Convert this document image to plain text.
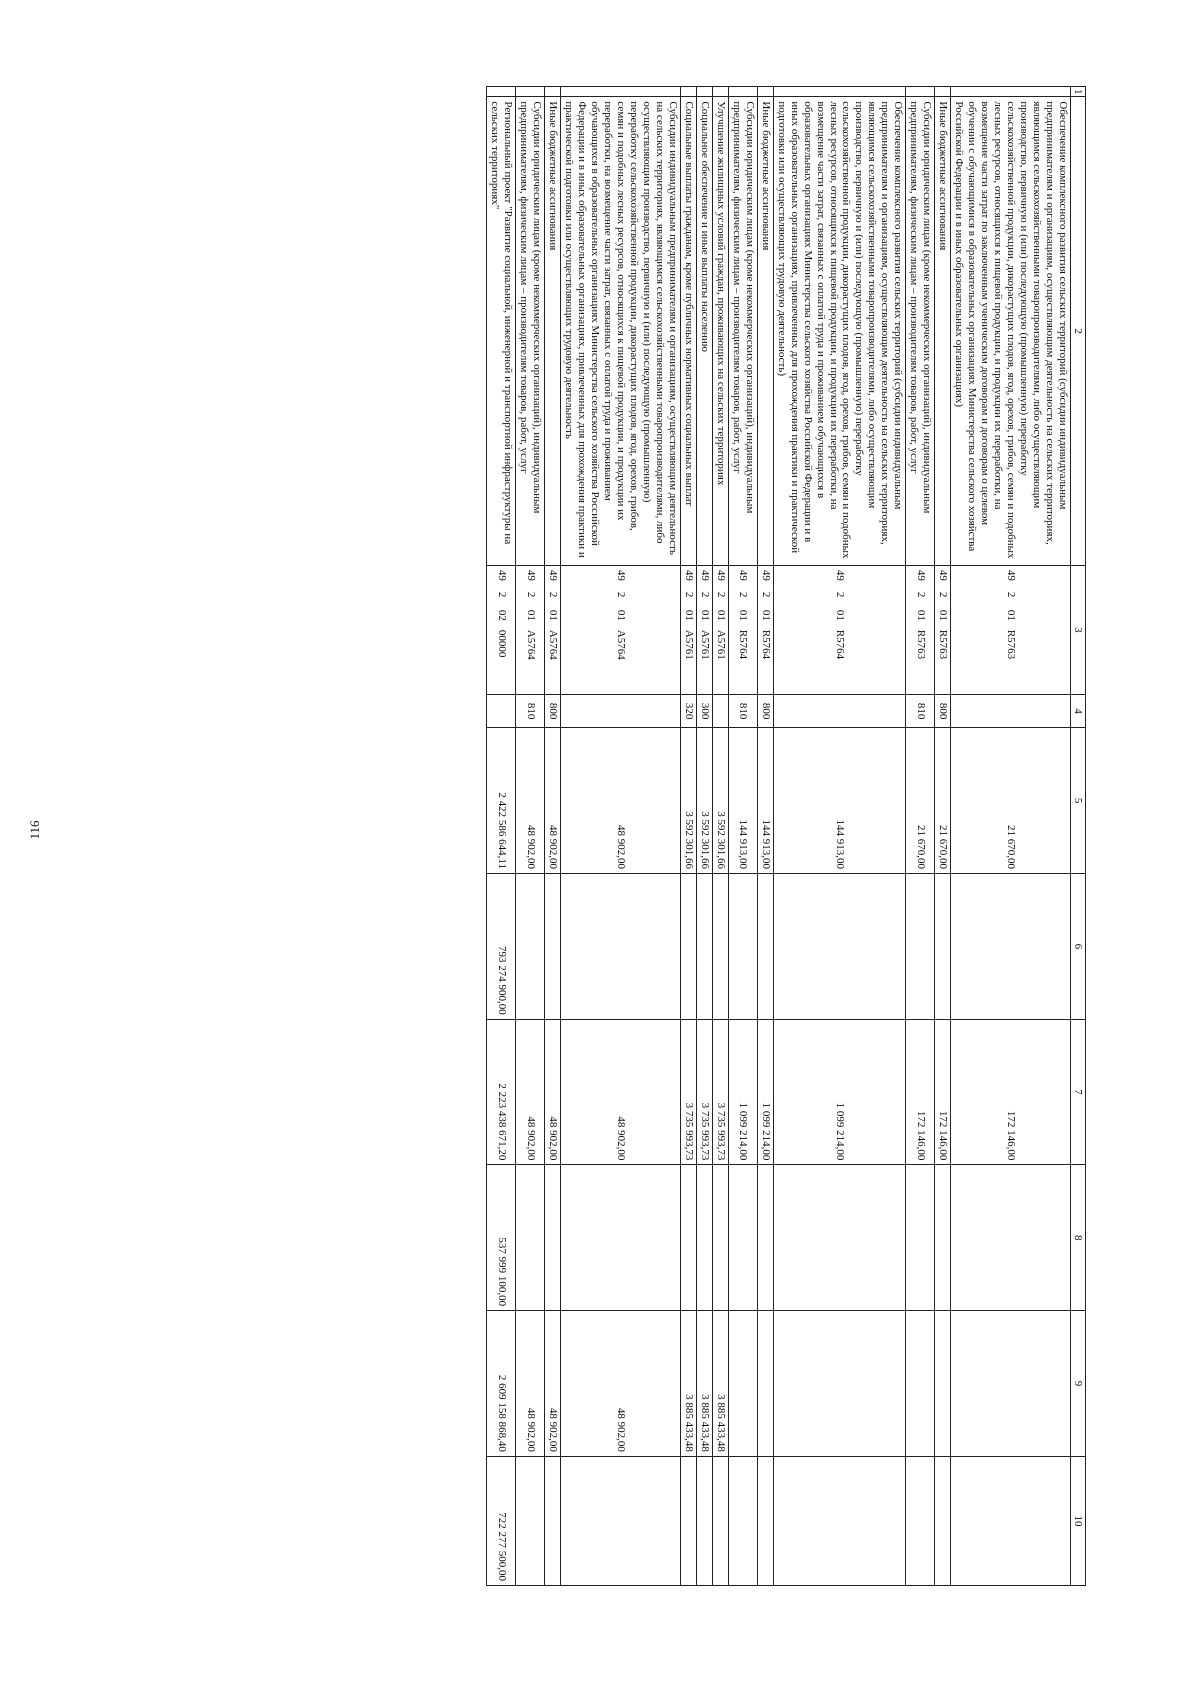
116
1	2	3	4	5	6	7	8	9	10
	Обеспечение комплексного развития сельских территорий (субсидии индивидуальным предпринимателям и организациям, осуществляющим деятельность на сельских территориях, являющимся сельскохозяйственными товаропроизводителями, либо осуществляющим производство, первичную и (или) последующую (промышленную) переработку сельскохозяйственной продукции, дикорастущих плодов, ягод, орехов, грибов, семян и подобных лесных ресурсов, относящихся к пищевой продукции, и продукции их переработки, на возмещение части затрат по заключенным ученическим договорам и договорам о целевом обучении с обучающимися в образовательных организациях Министерства сельского хозяйства Российской Федерации и в иных образовательных организациях)	49201R5763		21 670,00		172 146,00			
	Иные бюджетные ассигнования	49201R5763	800	21 670,00		172 146,00			
	Субсидии юридическим лицам (кроме некоммерческих организаций), индивидуальным предпринимателям, физическим лицам – производителям товаров, работ, услуг	49201R5763	810	21 670,00		172 146,00			
	Обеспечение комплексного развития сельских территорий (субсидии индивидуальным предпринимателям и организациям, осуществляющим деятельность на сельских территориях, являющимся сельскохозяйственными товаропроизводителями, либо осуществляющим производство, первичную и (или) последующую (промышленную) переработку сельскохозяйственной продукции, дикорастущих плодов, ягод, орехов, грибов, семян и подобных лесных ресурсов, относящихся к пищевой продукции, и продукции их переработки, на возмещение части затрат, связанных с оплатой труда и проживанием обучающихся в образовательных организациях Министерства сельского хозяйства Российской Федерации и в иных образовательных организациях, привлеченных для прохождения практики и практической подготовки или осуществляющих трудовую деятельность)	49201R5764		144 913,00		1 099 214,00			
	Иные бюджетные ассигнования	49201R5764	800	144 913,00		1 099 214,00			
	Субсидии юридическим лицам (кроме некоммерческих организаций), индивидуальным предпринимателям, физическим лицам – производителям товаров, работ, услуг	49201R5764	810	144 913,00		1 099 214,00			
	Улучшение жилищных условий граждан, проживающих на сельских территориях	49201А5761		3 592 301,66		3 735 993,73		3 885 433,48	
	Социальное обеспечение и иные выплаты населению	49201А5761	300	3 592 301,66		3 735 993,73		3 885 433,48	
	Социальные выплаты гражданам, кроме публичных нормативных социальных выплат	49201А5761	320	3 592 301,66		3 735 993,73		3 885 433,48	
	Субсидии индивидуальным предпринимателям и организациям, осуществляющим деятельность на сельских территориях, являющимся сельскохозяйственными товаропроизводителями, либо осуществляющим производство, первичную и (или) последующую (промышленную) переработку сельскохозяйственной продукции, дикорастущих плодов, ягод, орехов, грибов, семян и подобных лесных ресурсов, относящихся к пищевой продукции, и продукции их переработки, на возмещение части затрат, связанных с оплатой труда и проживанием обучающихся в образовательных организациях Министерства сельского хозяйства Российской Федерации и в иных образовательных организациях, привлеченных для прохождения практики и практической подготовки или осуществляющих трудовую деятельность	49201А5764		48 902,00		48 902,00		48 902,00	
	Иные бюджетные ассигнования	49201А5764	800	48 902,00		48 902,00		48 902,00	
	Субсидии юридическим лицам (кроме некоммерческих организаций), индивидуальным предпринимателям, физическим лицам – производителям товаров, работ, услуг	49201А5764	810	48 902,00		48 902,00		48 902,00	
	Региональный проект "Развитие социальной, инженерной и транспортной инфраструктуры на сельских территориях"	4920200000		2 422 586 644,11	793 274 900,00	2 223 438 671,20	537 999 100,00	2 609 158 868,40	722 277 500,00
